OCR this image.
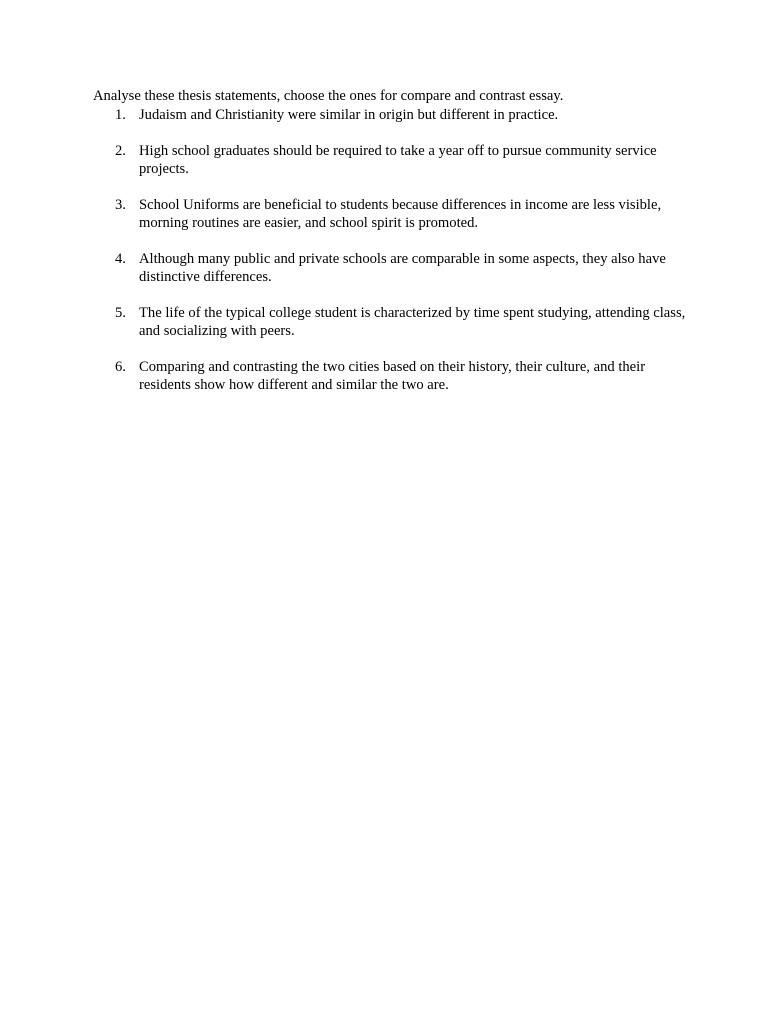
Analyse these thesis statements, choose the ones for compare and contrast essay.

1. Judaism and Christianity were similar in origin but different in practice.
2. High school graduates should be required to take a year off to pursue community service projects.
3. School Uniforms are beneficial to students because differences in income are less visible, morning routines are easier, and school spirit is promoted.
4. Although many public and private schools are comparable in some aspects, they also have distinctive differences.
5. The life of the typical college student is characterized by time spent studying, attending class, and socializing with peers.
6. Comparing and contrasting the two cities based on their history, their culture, and their residents show how different and similar the two are.
